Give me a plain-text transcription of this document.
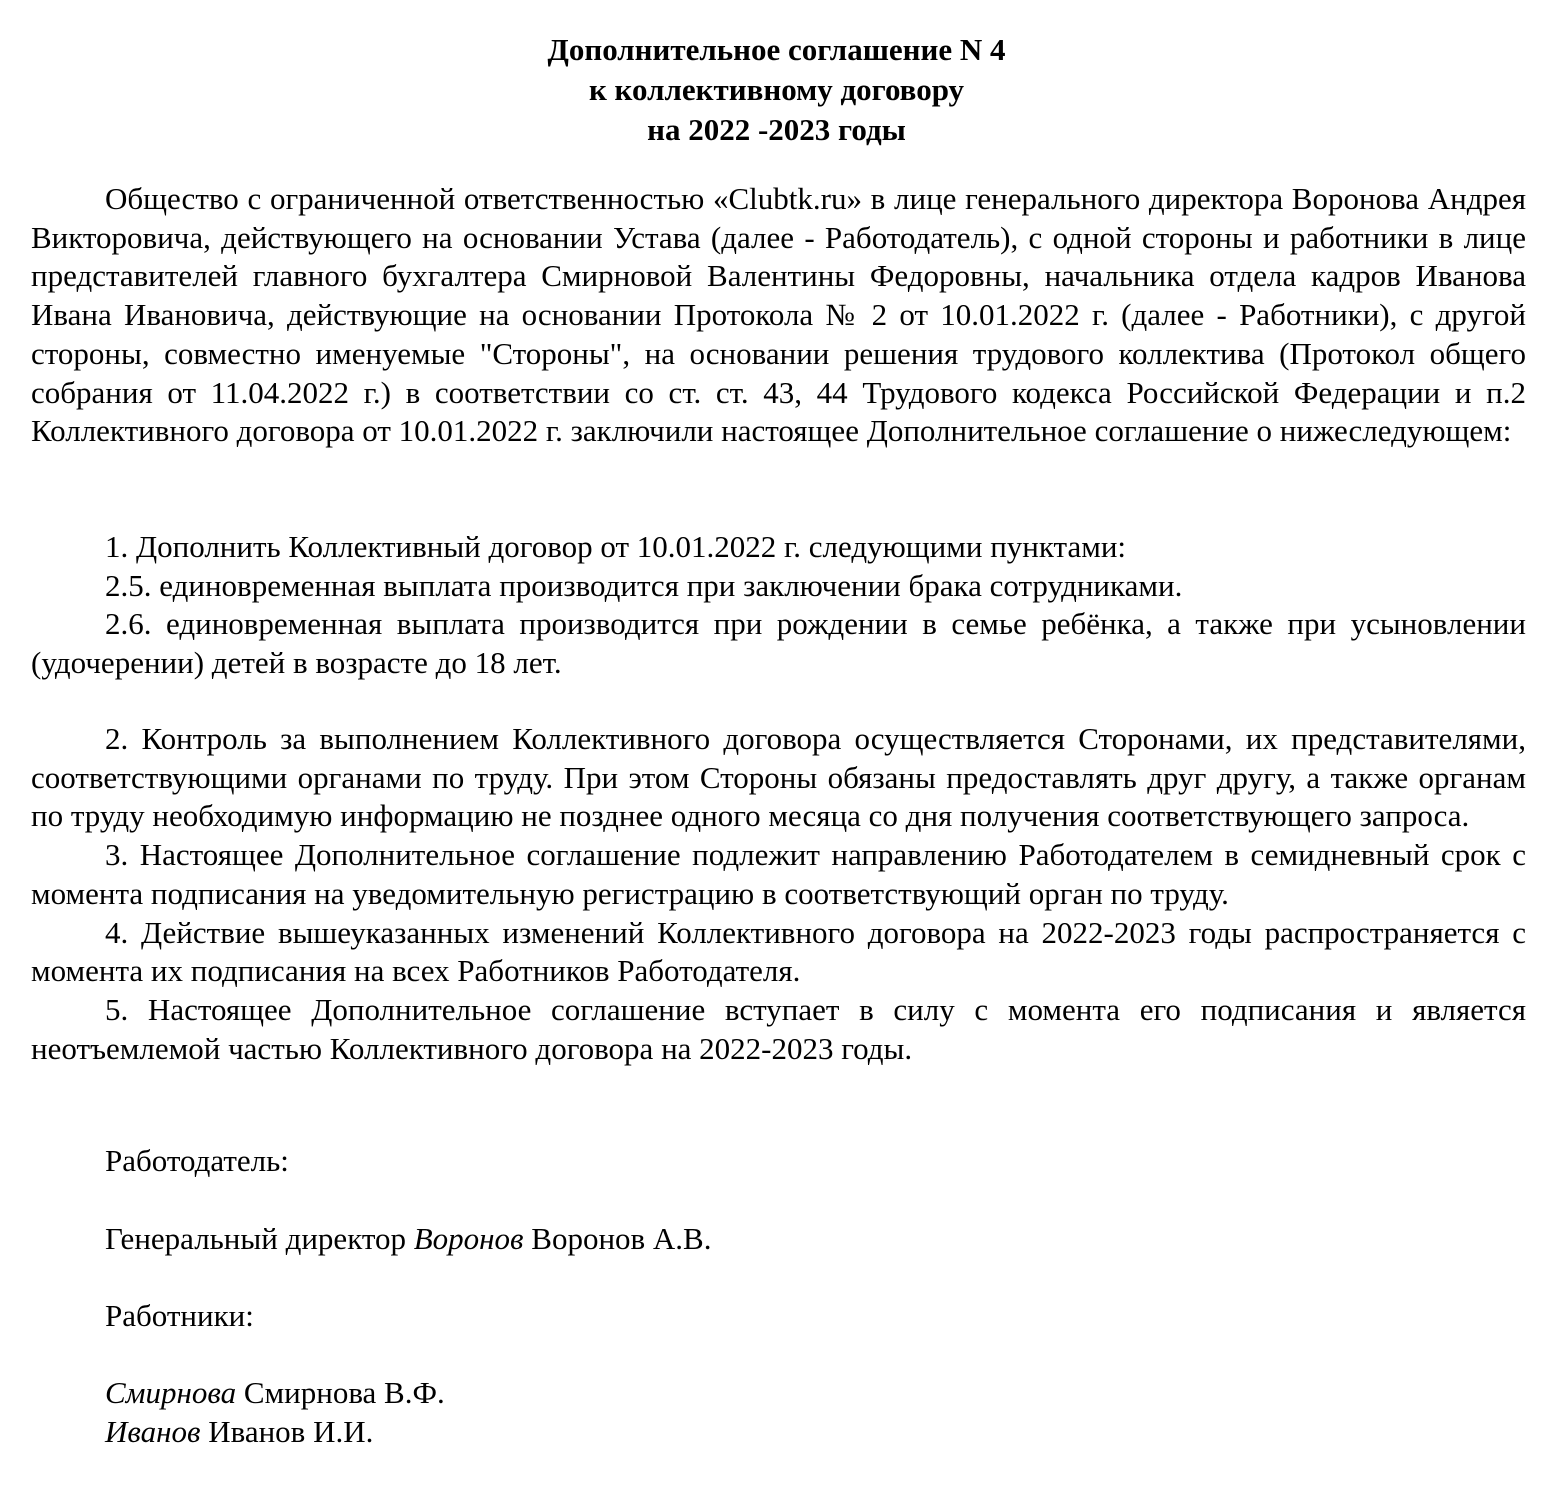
Дополнительное соглашение N 4
к коллективному договору
на 2022 -2023 годы

Общество с ограниченной ответственностью «Clubtk.ru» в лице генерального директора Воронова Андрея Викторовича, действующего на основании Устава (далее - Работодатель), с одной стороны и работники в лице представителей главного бухгалтера Смирновой Валентины Федоровны, начальника отдела кадров Иванова Ивана Ивановича, действующие на основании Протокола № 2 от 10.01.2022 г. (далее - Работники), с другой стороны, совместно именуемые "Стороны", на основании решения трудового коллектива (Протокол общего собрания от 11.04.2022 г.) в соответствии со ст. ст. 43, 44 Трудового кодекса Российской Федерации и п.2 Коллективного договора от 10.01.2022 г. заключили настоящее Дополнительное соглашение о нижеследующем:

1. Дополнить Коллективный договор от 10.01.2022 г. следующими пунктами:

2.5. единовременная выплата производится при заключении брака сотрудниками.

2.6. единовременная выплата производится при рождении в семье ребёнка, а также при усыновлении (удочерении) детей в возрасте до 18 лет.

2. Контроль за выполнением Коллективного договора осуществляется Сторонами, их представителями, соответствующими органами по труду. При этом Стороны обязаны предоставлять друг другу, а также органам по труду необходимую информацию не позднее одного месяца со дня получения соответствующего запроса.

3. Настоящее Дополнительное соглашение подлежит направлению Работодателем в семидневный срок с момента подписания на уведомительную регистрацию в соответствующий орган по труду.

4. Действие вышеуказанных изменений Коллективного договора на 2022-2023 годы распространяется с момента их подписания на всех Работников Работодателя.

5. Настоящее Дополнительное соглашение вступает в силу с момента его подписания и является неотъемлемой частью Коллективного договора на 2022-2023 годы.

Работодатель:

Генеральный директор Воронов Воронов А.В.

Работники:

Смирнова Смирнова В.Ф.

Иванов Иванов И.И.
